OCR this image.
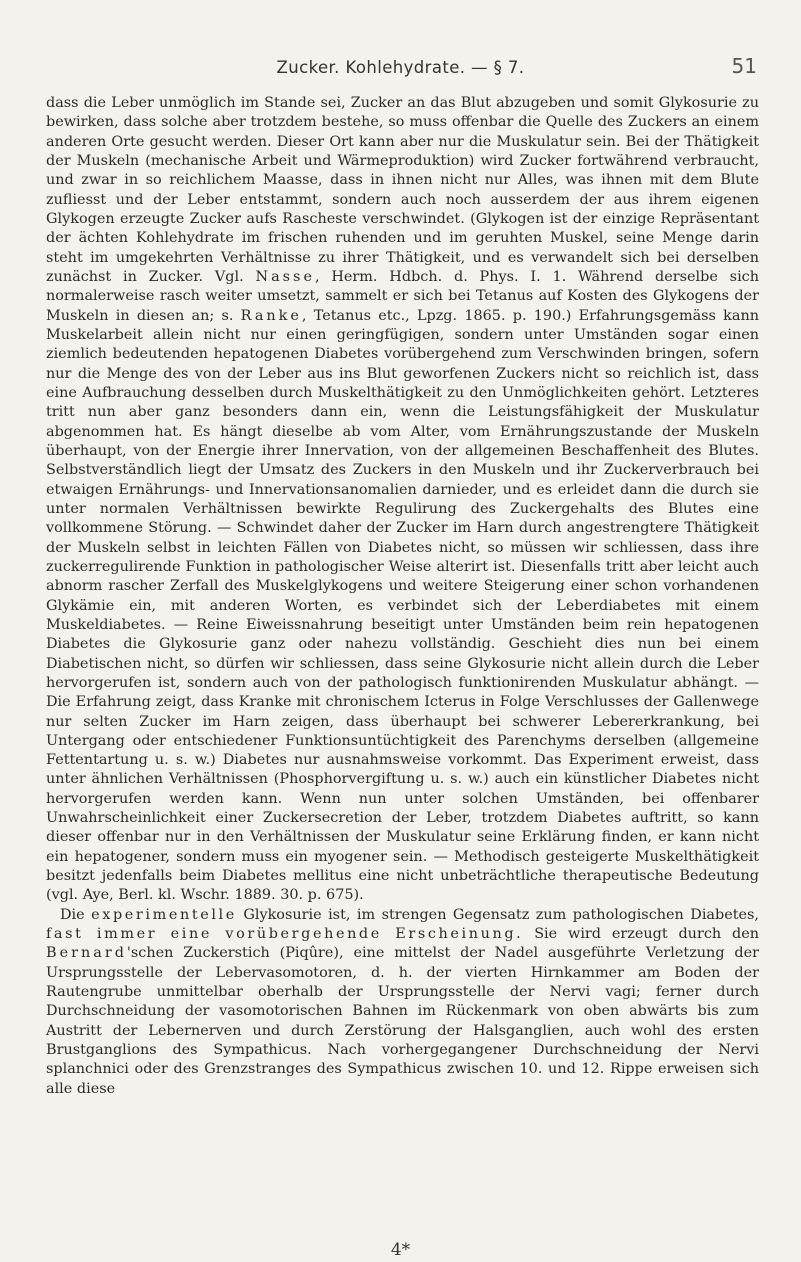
Zucker. Kohlehydrate. — § 7.	51

dass die Leber unmöglich im Stande sei, Zucker an das Blut abzugeben und somit Glykosurie zu bewirken, dass solche aber trotzdem bestehe, so muss offenbar die Quelle des Zuckers an einem anderen Orte gesucht werden. Dieser Ort kann aber nur die Muskulatur sein. Bei der Thätigkeit der Muskeln (mechanische Arbeit und Wärmeproduktion) wird Zucker fortwährend verbraucht, und zwar in so reichlichem Maasse, dass in ihnen nicht nur Alles, was ihnen mit dem Blute zufliesst und der Leber entstammt, sondern auch noch ausserdem der aus ihrem eigenen Glykogen erzeugte Zucker aufs Rascheste verschwindet. (Glykogen ist der einzige Repräsentant der ächten Kohlehydrate im frischen ruhenden und im geruhten Muskel, seine Menge darin steht im umgekehrten Verhältnisse zu ihrer Thätigkeit, und es verwandelt sich bei derselben zunächst in Zucker. Vgl. Nasse, Herm. Hdbch. d. Phys. I. 1. Während derselbe sich normalerweise rasch weiter umsetzt, sammelt er sich bei Tetanus auf Kosten des Glykogens der Muskeln in diesen an; s. Ranke, Tetanus etc., Lpzg. 1865. p. 190.) Erfahrungsgemäss kann Muskelarbeit allein nicht nur einen geringfügigen, sondern unter Umständen sogar einen ziemlich bedeutenden hepatogenen Diabetes vorübergehend zum Verschwinden bringen, sofern nur die Menge des von der Leber aus ins Blut geworfenen Zuckers nicht so reichlich ist, dass eine Aufbrauchung desselben durch Muskelthätigkeit zu den Unmöglichkeiten gehört. Letzteres tritt nun aber ganz besonders dann ein, wenn die Leistungsfähigkeit der Muskulatur abgenommen hat. Es hängt dieselbe ab vom Alter, vom Ernährungszustande der Muskeln überhaupt, von der Energie ihrer Innervation, von der allgemeinen Beschaffenheit des Blutes. Selbstverständlich liegt der Umsatz des Zuckers in den Muskeln und ihr Zuckerverbrauch bei etwaigen Ernährungs- und Innervationsanomalien darnieder, und es erleidet dann die durch sie unter normalen Verhältnissen bewirkte Regulirung des Zuckergehalts des Blutes eine vollkommene Störung. — Schwindet daher der Zucker im Harn durch angestrengtere Thätigkeit der Muskeln selbst in leichten Fällen von Diabetes nicht, so müssen wir schliessen, dass ihre zuckerregulirende Funktion in pathologischer Weise alterirt ist. Diesenfalls tritt aber leicht auch abnorm rascher Zerfall des Muskelglykogens und weitere Steigerung einer schon vorhandenen Glykämie ein, mit anderen Worten, es verbindet sich der Leberdiabetes mit einem Muskeldiabetes. — Reine Eiweissnahrung beseitigt unter Umständen beim rein hepatogenen Diabetes die Glykosurie ganz oder nahezu vollständig. Geschieht dies nun bei einem Diabetischen nicht, so dürfen wir schliessen, dass seine Glykosurie nicht allein durch die Leber hervorgerufen ist, sondern auch von der pathologisch funktionirenden Muskulatur abhängt. — Die Erfahrung zeigt, dass Kranke mit chronischem Icterus in Folge Verschlusses der Gallenwege nur selten Zucker im Harn zeigen, dass überhaupt bei schwerer Lebererkrankung, bei Untergang oder entschiedener Funktionsuntüchtigkeit des Parenchyms derselben (allgemeine Fettentartung u. s. w.) Diabetes nur ausnahmsweise vorkommt. Das Experiment erweist, dass unter ähnlichen Verhältnissen (Phosphorvergiftung u. s. w.) auch ein künstlicher Diabetes nicht hervorgerufen werden kann. Wenn nun unter solchen Umständen, bei offenbarer Unwahrscheinlichkeit einer Zuckersecretion der Leber, trotzdem Diabetes auftritt, so kann dieser offenbar nur in den Verhältnissen der Muskulatur seine Erklärung finden, er kann nicht ein hepatogener, sondern muss ein myogener sein. — Methodisch gesteigerte Muskelthätigkeit besitzt jedenfalls beim Diabetes mellitus eine nicht unbeträchtliche therapeutische Bedeutung (vgl. Aye, Berl. kl. Wschr. 1889. 30. p. 675).

Die experimentelle Glykosurie ist, im strengen Gegensatz zum pathologischen Diabetes, fast immer eine vorübergehende Erscheinung. Sie wird erzeugt durch den Bernard'schen Zuckerstich (Piqûre), eine mittelst der Nadel ausgeführte Verletzung der Ursprungsstelle der Lebervasomotoren, d. h. der vierten Hirnkammer am Boden der Rautengrube unmittelbar oberhalb der Ursprungsstelle der Nervi vagi; ferner durch Durchschneidung der vasomotorischen Bahnen im Rückenmark von oben abwärts bis zum Austritt der Lebernerven und durch Zerstörung der Halsganglien, auch wohl des ersten Brustganglions des Sympathicus. Nach vorhergegangener Durchschneidung der Nervi splanchnici oder des Grenzstranges des Sympathicus zwischen 10. und 12. Rippe erweisen sich alle diese

4*
